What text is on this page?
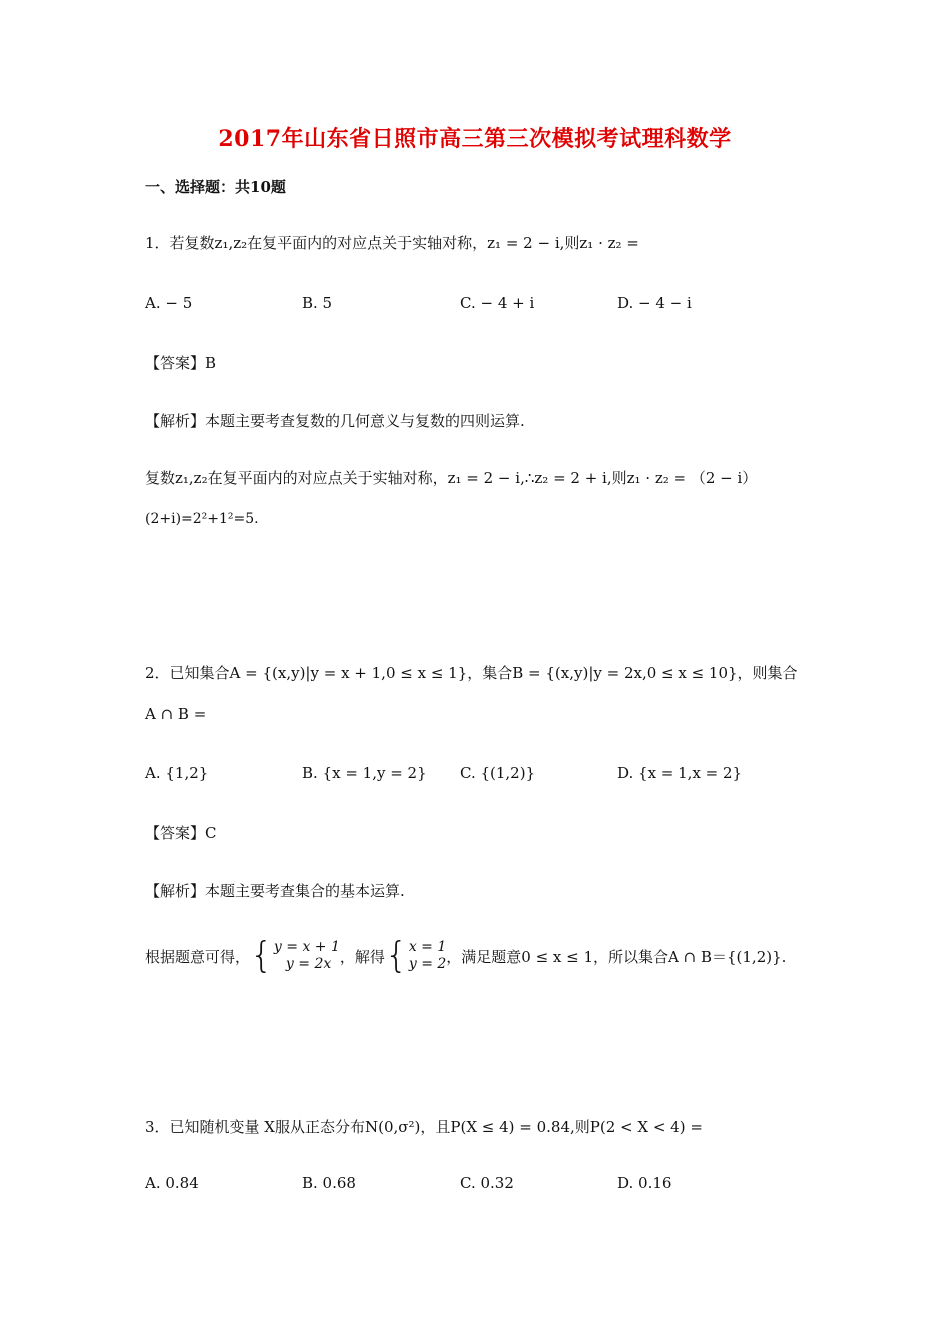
2017年山东省日照市高三第三次模拟考试理科数学
一、选择题：共10题
1．若复数z₁,z₂在复平面内的对应点关于实轴对称，z₁ = 2 − i,则z₁ · z₂ =
A. − 5	B. 5	C. − 4 + i	D. − 4 − i
【答案】B
【解析】本题主要考查复数的几何意义与复数的四则运算.
复数z₁,z₂在复平面内的对应点关于实轴对称，z₁ = 2 − i,∴z₂ = 2 + i,则z₁ · z₂ = （2 − i）
(2+i)=2²+1²=5.
2．已知集合A = {(x,y)|y = x + 1,0 ≤ x ≤ 1}，集合B = {(x,y)|y = 2x,0 ≤ x ≤ 10}，则集合
A ∩ B =
A. {1,2}	B. {x = 1,y = 2} C. {(1,2)}	D. {x = 1,x = 2}
【答案】C
【解析】本题主要考查集合的基本运算.
根据题意可得， { y = x + 1
y = 2x ，解得 { x = 1
y = 2 ，满足题意0 ≤ x ≤ 1，所以集合A ∩ B＝{(1,2)}.
3．已知随机变量 X服从正态分布N(0,σ²)，且P(X ≤ 4) = 0.84,则P(2 < X < 4) =
A. 0.84	B. 0.68	C. 0.32	D. 0.16
